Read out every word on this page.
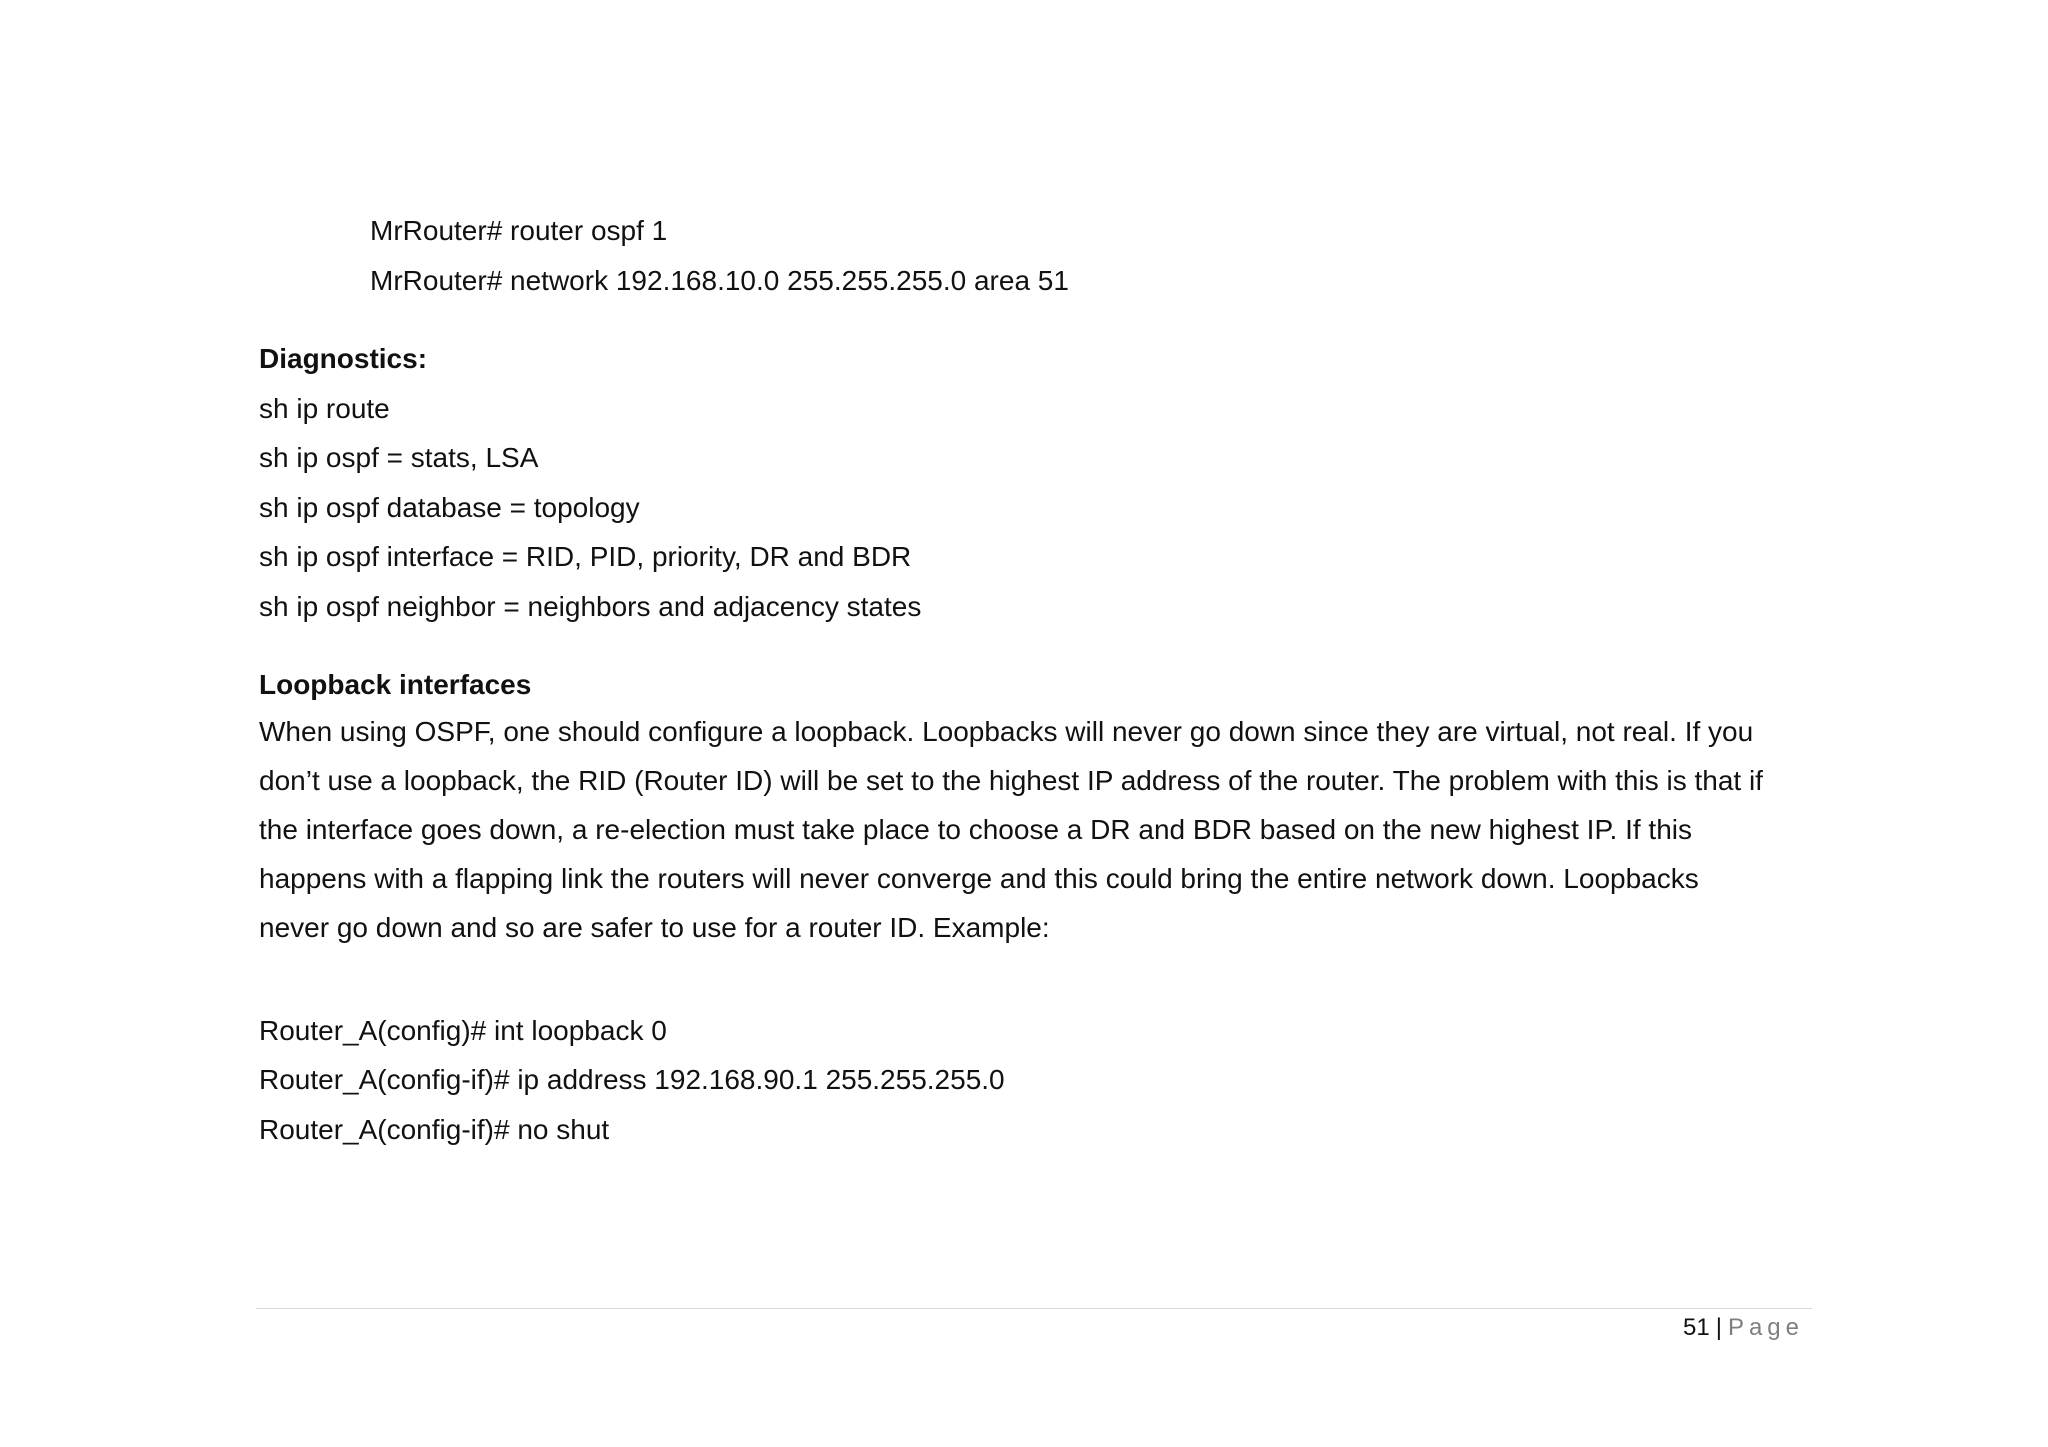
MrRouter# router ospf 1
MrRouter# network 192.168.10.0 255.255.255.0 area 51
Diagnostics:
sh ip route
sh ip ospf = stats, LSA
sh ip ospf database = topology
sh ip ospf interface = RID, PID, priority, DR and BDR
sh ip ospf neighbor = neighbors and adjacency states
Loopback interfaces
When using OSPF, one should configure a loopback. Loopbacks will never go down since they are virtual, not real. If you
don’t use a loopback, the RID (Router ID) will be set to the highest IP address of the router. The problem with this is that if
the interface goes down, a re-election must take place to choose a DR and BDR based on the new highest IP. If this
happens with a flapping link the routers will never converge and this could bring the entire network down. Loopbacks
never go down and so are safer to use for a router ID. Example:
Router_A(config)# int loopback 0
Router_A(config-if)# ip address 192.168.90.1 255.255.255.0
Router_A(config-if)# no shut
51 | Page
